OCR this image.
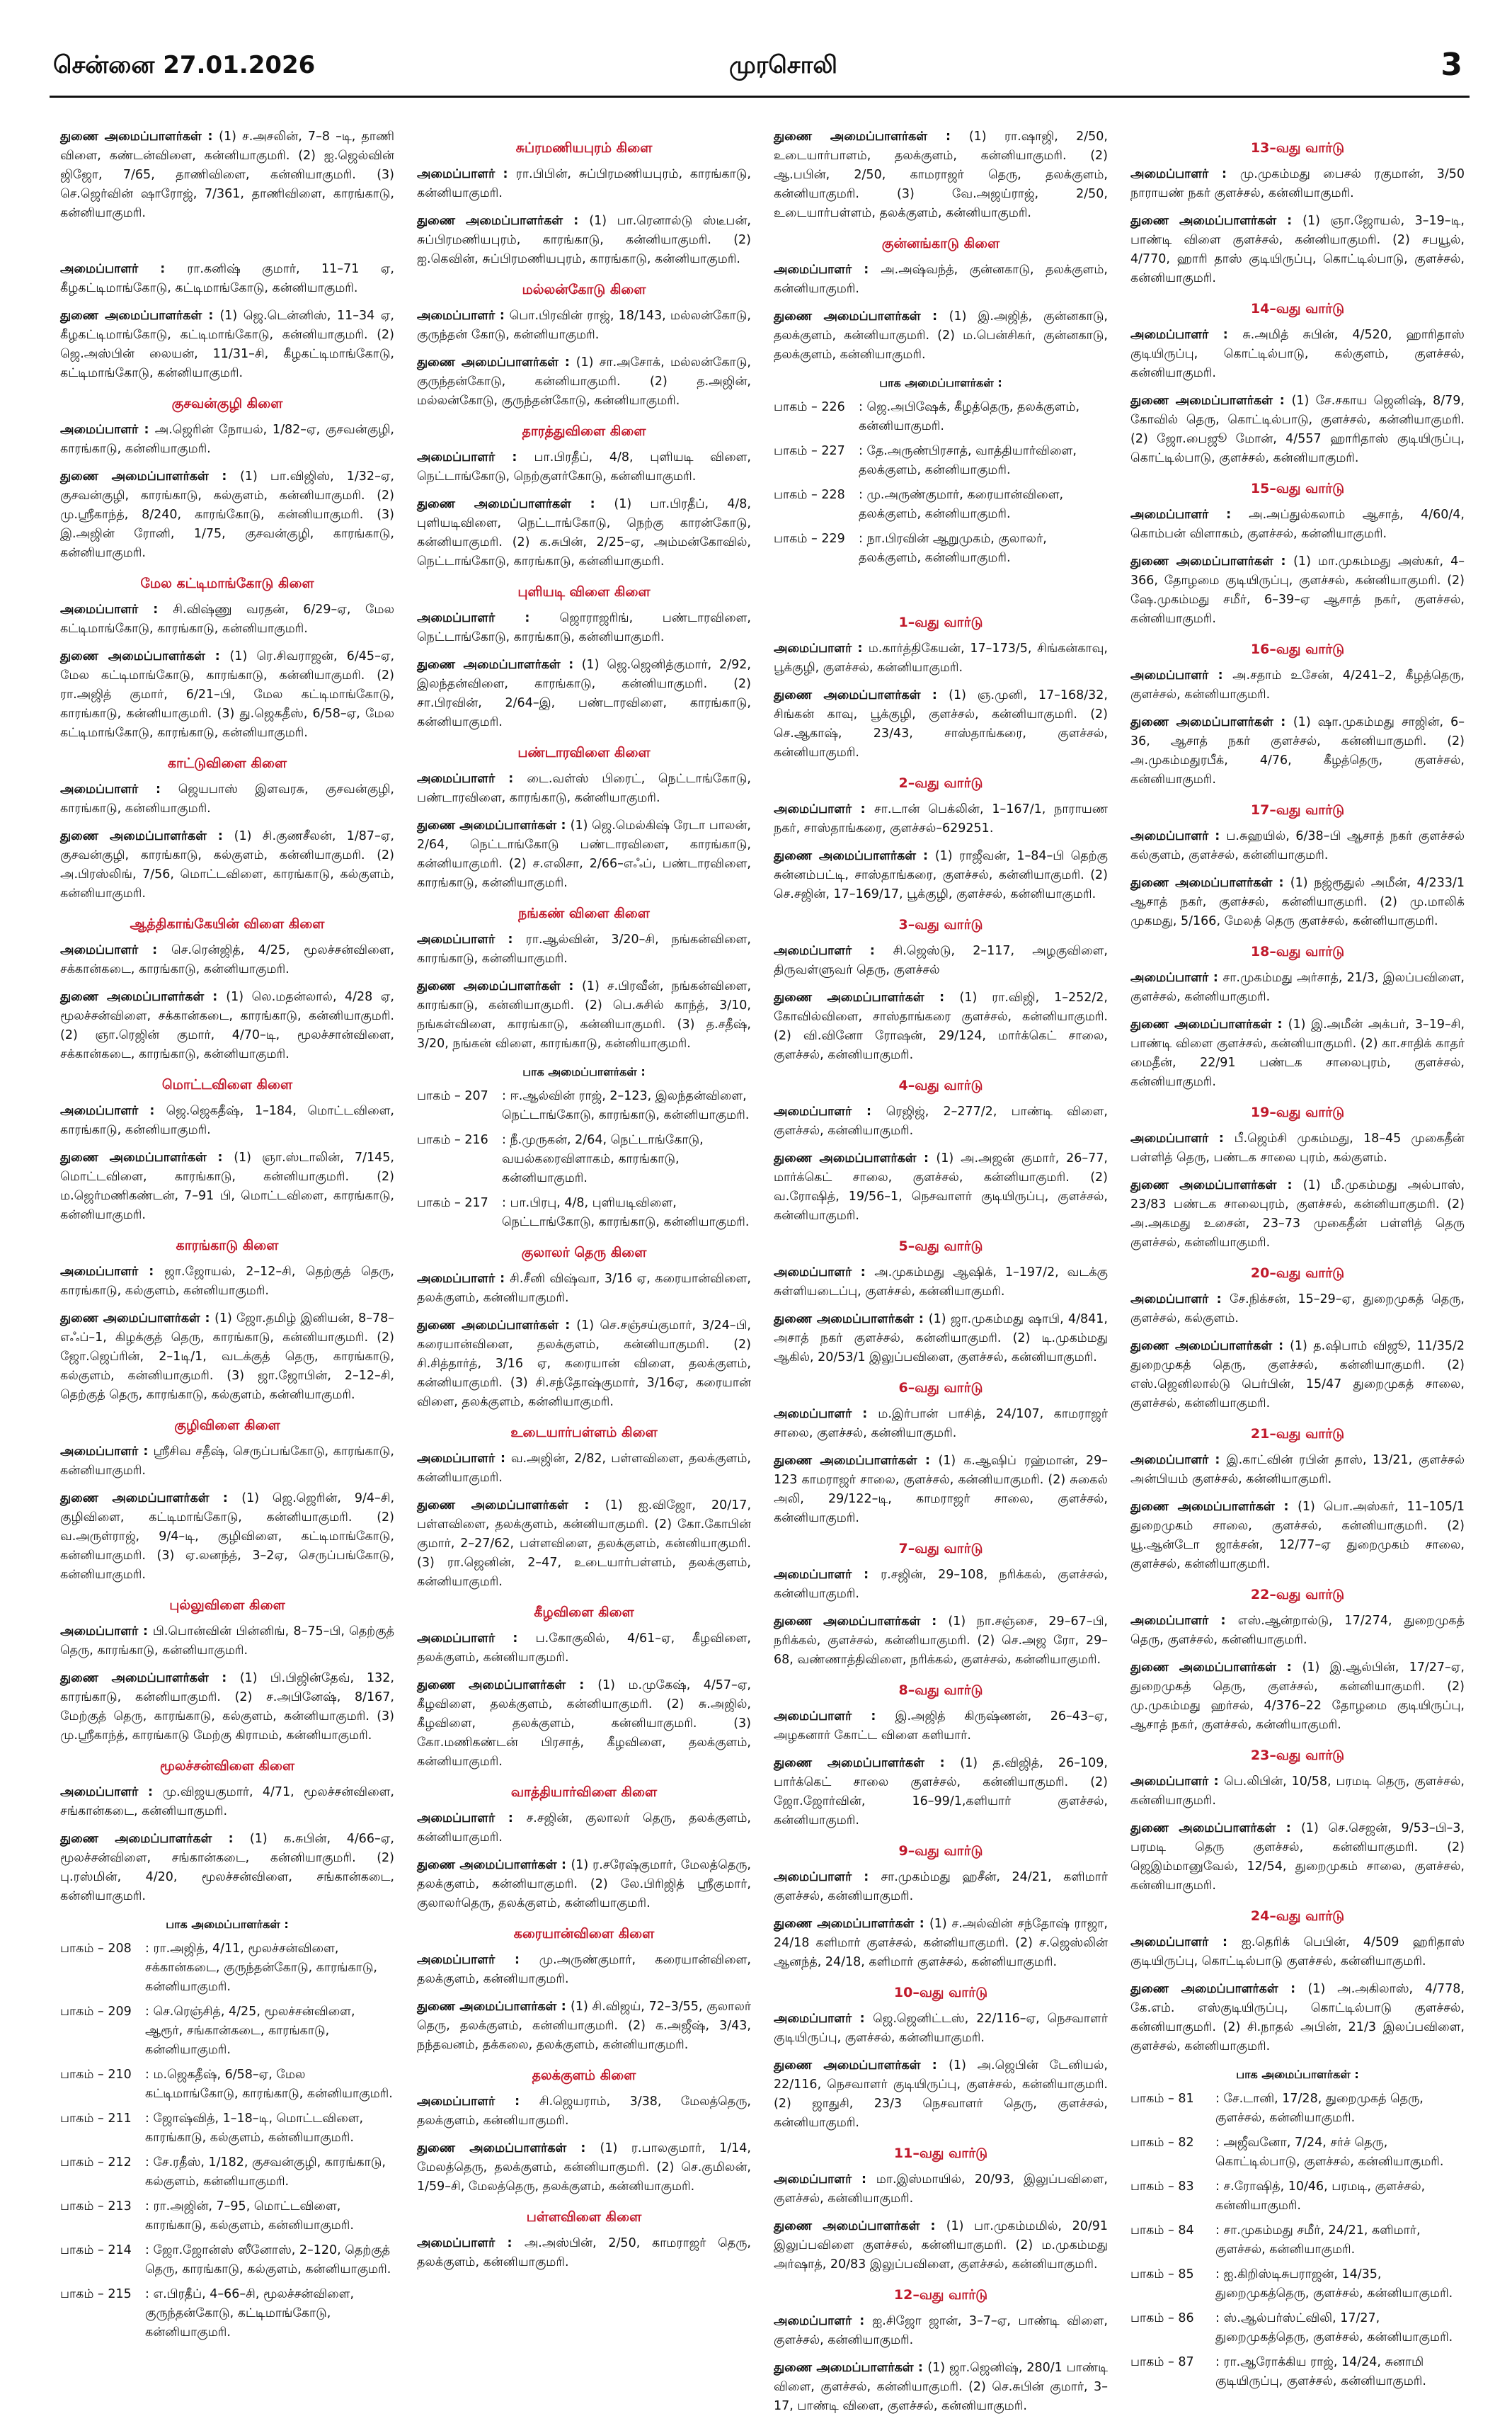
சென்னை 27.01.2026	முரசொலி	3

துணை அமைப்பாளர்கள் : (1) ச.அசலின், 7–8 –டி, தாணி விளை, கண்டன்விளை, கன்னியாகுமரி. (2) ஐ.ஜெல்வின் ஜிஜோ, 7/65, தாணிவிளை, கன்னியாகுமரி. (3) செ.ஜெர்வின் ஷாரோஜ், 7/361, தாணிவிளை, காரங்காடு, கன்னியாகுமரி.

அமைப்பாளர் : ரா.கனிஷ் குமார், 11–71 ஏ, கீழகட்டிமாங்கோடு, கட்டிமாங்கோடு, கன்னியாகுமரி.

துணை அமைப்பாளர்கள் : (1) ஜெ.டென்னிஸ், 11–34 ஏ, கீழகட்டிமாங்கோடு, கட்டிமாங்கோடு, கன்னியாகுமரி. (2) ஜெ.அஸ்பின் லையன், 11/31–சி, கீழகட்டிமாங்கோடு, கட்டிமாங்கோடு, கன்னியாகுமரி.

குசவன்குழி கிளை

அமைப்பாளர் : அ.ஜெரின் நோயல், 1/82–ஏ, குசவன்குழி, காரங்காடு, கன்னியாகுமரி.

துணை அமைப்பாளர்கள் : (1) பா.விஜிஸ், 1/32–ஏ, குசவன்குழி, காரங்காடு, கல்குளம், கன்னியாகுமரி. (2) மு.ஸ்ரீகாந்த், 8/240, காரங்கோடு, கன்னியாகுமரி. (3) இ.அஜின் ரோனி, 1/75, குசவன்குழி, காரங்காடு, கன்னியாகுமரி.

மேல கட்டிமாங்கோடு கிளை

அமைப்பாளர் : சி.விஷ்ணு வரதன், 6/29–ஏ, மேல கட்டிமாங்கோடு, காரங்காடு, கன்னியாகுமரி.

துணை அமைப்பாளர்கள் : (1) ரெ.சிவராஜன், 6/45–ஏ, மேல கட்டிமாங்கோடு, காரங்காடு, கன்னியாகுமரி. (2) ரா.அஜித் குமார், 6/21–பி, மேல கட்டிமாங்கோடு, காரங்காடு, கன்னியாகுமரி. (3) து.ஜெகதீஸ், 6/58–ஏ, மேல கட்டிமாங்கோடு, காரங்காடு, கன்னியாகுமரி.

காட்டுவிளை கிளை

அமைப்பாளர் : ஜெயபாஸ் இளவரசு, குசவன்குழி, காரங்காடு, கன்னியாகுமரி.

துணை அமைப்பாளர்கள் : (1) சி.குணசீலன், 1/87–ஏ, குசவன்குழி, காரங்காடு, கல்குளம், கன்னியாகுமரி. (2) அ.பிரஸ்லிங், 7/56, மொட்டவிளை, காரங்காடு, கல்குளம், கன்னியாகுமரி.

ஆத்திகாங்கேயின் விளை கிளை

அமைப்பாளர் : செ.ரென்ஜித், 4/25, மூலச்சன்விளை, சக்கான்கடை, காரங்காடு, கன்னியாகுமரி.

துணை அமைப்பாளர்கள் : (1) லெ.மதன்லால், 4/28 ஏ, மூலச்சன்விளை, சக்கான்கடை, காரங்காடு, கன்னியாகுமரி. (2) ஞா.ரெஜின் குமார், 4/70–டி, மூலச்சான்விளை, சக்கான்கடை, காரங்காடு, கன்னியாகுமரி.

மொட்டவிளை கிளை

அமைப்பாளர் : ஜெ.ஜெகதீஷ், 1–184, மொட்டவிளை, காரங்காடு, கன்னியாகுமரி.

துணை அமைப்பாளர்கள் : (1) ஞா.ஸ்டாலின், 7/145, மொட்டவிளை, காரங்காடு, கன்னியாகுமரி. (2) ம.ஜெர்மணிகண்டன், 7–91 பி, மொட்டவிளை, காரங்காடு, கன்னியாகுமரி.

காரங்காடு கிளை

அமைப்பாளர் : ஜா.ஜோயல், 2–12–சி, தெற்குத் தெரு, காரங்காடு, கல்குளம், கன்னியாகுமரி.

துணை அமைப்பாளர்கள் : (1) ஜோ.தமிழ் இனியன், 8–78–எஃப்–1, கிழக்குத் தெரு, காரங்காடு, கன்னியாகுமரி. (2) ஜோ.ஜெப்ரின், 2–1டி/1, வடக்குத் தெரு, காரங்காடு, கல்குளம், கன்னியாகுமரி. (3) ஜா.ஜோபின், 2–12–சி, தெற்குத் தெரு, காரங்காடு, கல்குளம், கன்னியாகுமரி.

குழிவிளை கிளை

அமைப்பாளர் : ஸ்ரீசிவ சதீஷ், செருப்பங்கோடு, காரங்காடு, கன்னியாகுமரி.

துணை அமைப்பாளர்கள் : (1) ஜெ.ஜெரின், 9/4–சி, குழிவிளை, கட்டிமாங்கோடு, கன்னியாகுமரி. (2) வ.அருள்ராஜ், 9/4–டி, குழிவிளை, கட்டிமாங்கோடு, கன்னியாகுமரி. (3) ஏ.லனந்த், 3–2ஏ, செருப்பங்கோடு, கன்னியாகுமரி.

புல்லுவிளை கிளை

அமைப்பாளர் : பி.பொன்வின் பின்னிங், 8–75–பி, தெற்குத் தெரு, காரங்காடு, கன்னியாகுமரி.

துணை அமைப்பாளர்கள் : (1) பி.பிஜின்தேவ், 132, காரங்காடு, கன்னியாகுமரி. (2) ச.அபினேஷ், 8/167, மேற்குத் தெரு, காரங்காடு, கல்குளம், கன்னியாகுமரி. (3) மு.ஸ்ரீகாந்த், காரங்காடு மேற்கு கிராமம், கன்னியாகுமரி.

மூலச்சன்விளை கிளை

அமைப்பாளர் : மு.விஜயகுமார், 4/71, மூலச்சன்விளை, சங்கான்கடை, கன்னியாகுமரி.

துணை அமைப்பாளர்கள் : (1) க.சுபின், 4/66–ஏ, மூலச்சன்விளை, சங்கான்கடை, கன்னியாகுமரி. (2) பு.ரஸ்மின், 4/20, மூலச்சன்விளை, சங்கான்கடை, கன்னியாகுமரி.

பாக அமைப்பாளர்கள் :
பாகம் – 208	: ரா.அஜித், 4/11, மூலச்சன்விளை, சக்கான்கடை, குருந்தன்கோடு, காரங்காடு, கன்னியாகுமரி.
பாகம் – 209	: செ.ரெஞ்சித், 4/25, மூலச்சன்விளை, ஆரூர், சங்கான்கடை, காரங்காடு, கன்னியாகுமரி.
பாகம் – 210	: ம.ஜெகதீஷ், 6/58–ஏ, மேல கட்டிமாங்கோடு, காரங்காடு, கன்னியாகுமரி.
பாகம் – 211	: ஜோஷ்வித், 1–18–டி, மொட்டவிளை, காரங்காடு, கல்குளம், கன்னியாகுமரி.
பாகம் – 212	: சே.ரதீஸ், 1/182, குசவன்குழி, காரங்காடு, கல்குளம், கன்னியாகுமரி.
பாகம் – 213	: ரா.அஜின், 7–95, மொட்டவிளை, காரங்காடு, கல்குளம், கன்னியாகுமரி.
பாகம் – 214	: ஜோ.ஜோன்ஸ் ஸீனோஸ், 2–120, தெற்குத் தெரு, காரங்காடு, கல்குளம், கன்னியாகுமரி.
பாகம் – 215	: எ.பிரதீப், 4–66–சி, மூலச்சன்விளை, குருந்தன்கோடு, கட்டிமாங்கோடு, கன்னியாகுமரி.
சுப்ரமணியபுரம் கிளை

அமைப்பாளர் : ரா.பிபின், சுப்பிரமணியபுரம், காரங்காடு, கன்னியாகுமரி.

துணை அமைப்பாளர்கள் : (1) பா.ரெனால்டு ஸ்டீபன், சுப்பிரமணியபுரம், காரங்காடு, கன்னியாகுமரி. (2) ஐ.கெவின், சுப்பிரமணியபுரம், காரங்காடு, கன்னியாகுமரி.

மல்லன்கோடு கிளை

அமைப்பாளர் : பொ.பிரவின் ராஜ், 18/143, மல்லன்கோடு, குருந்தன் கோடு, கன்னியாகுமரி.

துணை அமைப்பாளர்கள் : (1) சா.அசோக், மல்லன்கோடு, குருந்தன்கோடு, கன்னியாகுமரி. (2) த.அஜின், மல்லன்கோடு, குருந்தன்கோடு, கன்னியாகுமரி.

தாரத்துவிளை கிளை

அமைப்பாளர் : பா.பிரதீப், 4/8, புளியடி விளை, நெட்டாங்கோடு, நெற்குளர்கோடு, கன்னியாகுமரி.

துணை அமைப்பாளர்கள் : (1) பா.பிரதீப், 4/8, புளியடிவிளை, நெட்டாங்கோடு, நெற்கு காரன்கோடு, கன்னியாகுமரி. (2) க.சுபின், 2/25–ஏ, அம்மன்கோவில், நெட்டாங்கோடு, காரங்காடு, கன்னியாகுமரி.

புளியடி விளை கிளை

அமைப்பாளர் : ஜொராஜரிங், பண்டாரவிளை, நெட்டாங்கோடு, காரங்காடு, கன்னியாகுமரி.

துணை அமைப்பாளர்கள் : (1) ஜெ.ஜெனித்குமார், 2/92, இலந்தன்விளை, காரங்காடு, கன்னியாகுமரி. (2) சா.பிரவின், 2/64–இ, பண்டாரவிளை, காரங்காடு, கன்னியாகுமரி.

பண்டாரவிளை கிளை

அமைப்பாளர் : டை.வள்ஸ் பிரைட், நெட்டாங்கோடு, பண்டாரவிளை, காரங்காடு, கன்னியாகுமரி.

துணை அமைப்பாளர்கள் : (1) ஜெ.மெல்கிஷ் ரேடா பாலன், 2/64, நெட்டாங்கோடு பண்டாரவிளை, காரங்காடு, கன்னியாகுமரி. (2) ச.எலிசா, 2/66–எஃப், பண்டாரவிளை, காரங்காடு, கன்னியாகுமரி.

நங்கண் விளை கிளை

அமைப்பாளர் : ரா.ஆல்வின், 3/20–சி, நங்கன்விளை, காரங்காடு, கன்னியாகுமரி.

துணை அமைப்பாளர்கள் : (1) ச.பிரவீன், நங்கன்விளை, காரங்காடு, கன்னியாகுமரி. (2) பெ.சுசில் காந்த், 3/10, நங்கள்விளை, காரங்காடு, கன்னியாகுமரி. (3) த.சதீஷ், 3/20, நங்கன் விளை, காரங்காடு, கன்னியாகுமரி.

பாக அமைப்பாளர்கள் :
பாகம் – 207	: ஈ.ஆல்வின் ராஜ், 2–123, இலந்தன்விளை, நெட்டாங்கோடு, காரங்காடு, கன்னியாகுமரி.
பாகம் – 216	: நீ.முருகன், 2/64, நெட்டாங்கோடு, வயல்கரைவிளாகம், காரங்காடு, கன்னியாகுமரி.
பாகம் – 217	: பா.பிரபு, 4/8, புளியடிவிளை, நெட்டாங்கோடு, காரங்காடு, கன்னியாகுமரி.
குலாலர் தெரு கிளை

அமைப்பாளர் : சி.சீனி விஷ்வா, 3/16 ஏ, கரையான்விளை, தலக்குளம், கன்னியாகுமரி.

துணை அமைப்பாளர்கள் : (1) செ.சஞ்சய்குமார், 3/24–பி, கரையான்விளை, தலக்குளம், கன்னியாகுமரி. (2) சி.சித்தார்த், 3/16 ஏ, கரையான் விளை, தலக்குளம், கன்னியாகுமரி. (3) சி.சந்தோஷ்குமார், 3/16ஏ, கரையான் விளை, தலக்குளம், கன்னியாகுமரி.

உடையார்பள்ளம் கிளை

அமைப்பாளர் : வ.அஜின், 2/82, பள்ளவிளை, தலக்குளம், கன்னியாகுமரி.

துணை அமைப்பாளர்கள் : (1) ஐ.விஜோ, 20/17, பள்ளவிளை, தலக்குளம், கன்னியாகுமரி. (2) கோ.கோபின் குமார், 2–27/62, பள்ளவிளை, தலக்குளம், கன்னியாகுமரி. (3) ரா.ஜெனின், 2–47, உடையார்பள்ளம், தலக்குளம், கன்னியாகுமரி.

கீழவிளை கிளை

அமைப்பாளர் : ப.கோகுலில், 4/61–ஏ, கீழவிளை, தலக்குளம், கன்னியாகுமரி.

துணை அமைப்பாளர்கள் : (1) ம.முகேஷ், 4/57–ஏ, கீழவிளை, தலக்குளம், கன்னியாகுமரி. (2) சு.அஜில், கீழவிளை, தலக்குளம், கன்னியாகுமரி. (3) கோ.மணிகண்டன் பிரசாத், கீழவிளை, தலக்குளம், கன்னியாகுமரி.

வாத்தியார்விளை கிளை

அமைப்பாளர் : ச.சஜின், குலாலர் தெரு, தலக்குளம், கன்னியாகுமரி.

துணை அமைப்பாளர்கள் : (1) ர.சரேஷ்குமார், மேலத்தெரு, தலக்குளம், கன்னியாகுமரி. (2) லே.பிரிஜித் ஸ்ரீகுமார், குலாலர்தெரு, தலக்குளம், கன்னியாகுமரி.

கரையான்விளை கிளை

அமைப்பாளர் : மு.அருண்குமார், கரையான்விளை, தலக்குளம், கன்னியாகுமரி.

துணை அமைப்பாளர்கள் : (1) சி.விஜய், 72–3/55, குலாலர் தெரு, தலக்குளம், கன்னியாகுமரி. (2) க.அஜீஷ், 3/43, நந்தவனம், தக்கலை, தலக்குளம், கன்னியாகுமரி.

தலக்குளம் கிளை

அமைப்பாளர் : சி.ஜெயராம், 3/38, மேலத்தெரு, தலக்குளம், கன்னியாகுமரி.

துணை அமைப்பாளர்கள் : (1) ர.பாலகுமார், 1/14, மேலத்தெரு, தலக்குளம், கன்னியாகுமரி. (2) செ.குமிலன், 1/59–சி, மேலத்தெரு, தலக்குளம், கன்னியாகுமரி.

பள்ளவிளை கிளை

அமைப்பாளர் : அ.அஸ்பின், 2/50, காமராஜர் தெரு, தலக்குளம், கன்னியாகுமரி.

துணை அமைப்பாளர்கள் : (1) ரா.ஷாஜி, 2/50, உடையார்பாளம், தலக்குளம், கன்னியாகுமரி. (2) ஆ.பபின், 2/50, காமராஜர் தெரு, தலக்குளம், கன்னியாகுமரி. (3) வே.அஜய்ராஜ், 2/50, உடையார்பள்ளம், தலக்குளம், கன்னியாகுமரி.

குன்னங்காடு கிளை

அமைப்பாளர் : அ.அஷ்வந்த், குன்னகாடு, தலக்குளம், கன்னியாகுமரி.

துணை அமைப்பாளர்கள் : (1) இ.அஜித், குன்னகாடு, தலக்குளம், கன்னியாகுமரி. (2) ம.பென்சிகர், குன்னகாடு, தலக்குளம், கன்னியாகுமரி.

பாக அமைப்பாளர்கள் :
பாகம் – 226	: ஜெ.அபிஷேக், கீழத்தெரு, தலக்குளம், கன்னியாகுமரி.
பாகம் – 227	: தே.அருண்பிரசாத், வாத்தியார்விளை, தலக்குளம், கன்னியாகுமரி.
பாகம் – 228	: மு.அருண்குமார், கரையான்விளை, தலக்குளம், கன்னியாகுமரி.
பாகம் – 229	: நா.பிரவின் ஆறுமுகம், குலாலர், தலக்குளம், கன்னியாகுமரி.
1–வது வார்டு

அமைப்பாளர் : ம.கார்த்திகேயன், 17–173/5, சிங்கன்காவு, பூக்குழி, குளச்சல், கன்னியாகுமரி.

துணை அமைப்பாளர்கள் : (1) ஞ.முனி, 17–168/32, சிங்கன் காவு, பூக்குழி, குளச்சல், கன்னியாகுமரி. (2) செ.ஆகாஷ், 23/43, சாஸ்தாங்கரை, குளச்சல், கன்னியாகுமரி.

2–வது வார்டு

அமைப்பாளர் : சா.டான் பெக்லின், 1–167/1, நாராயண நகர், சாஸ்தாங்கரை, குளச்சல்–629251.

துணை அமைப்பாளர்கள் : (1) ராஜீவன், 1–84–பி தெற்கு சுன்னம்பட்டி, சாஸ்தாங்கரை, குளச்சல், கன்னியாகுமரி. (2) செ.சஜின், 17–169/17, பூக்குழி, குளச்சல், கன்னியாகுமரி.

3–வது வார்டு

அமைப்பாளர் : சி.ஜெஸ்டு, 2–117, அழகுவிளை, திருவள்ளுவர் தெரு, குளச்சல்

துணை அமைப்பாளர்கள் : (1) ரா.விஜி, 1–252/2, கோவில்விளை, சாஸ்தாங்கரை குளச்சல், கன்னியாகுமரி. (2) வி.வினோ ரோஷன், 29/124, மார்க்கெட் சாலை, குளச்சல், கன்னியாகுமரி.

4–வது வார்டு

அமைப்பாளர் : ரெஜிஜ், 2–277/2, பாண்டி விளை, குளச்சல், கன்னியாகுமரி.

துணை அமைப்பாளர்கள் : (1) அ.அஜன் குமார், 26–77, மார்க்கெட் சாலை, குளச்சல், கன்னியாகுமரி. (2) வ.ரோஷித், 19/56–1, நெசவாளர் குடியிருப்பு, குளச்சல், கன்னியாகுமரி.

5–வது வார்டு

அமைப்பாளர் : அ.முகம்மது ஆஷிக், 1–197/2, வடக்கு சுள்ளியடைப்பு, குளச்சல், கன்னியாகுமரி.

துணை அமைப்பாளர்கள் : (1) ஜா.முகம்மது ஷாபி, 4/841, அசாத் நகர் குளச்சல், கன்னியாகுமரி. (2) டி.முகம்மது ஆகில், 20/53/1 இலுப்பவிளை, குளச்சல், கன்னியாகுமரி.

6–வது வார்டு

அமைப்பாளர் : ம.இர்பான் பாசித், 24/107, காமராஜர் சாலை, குளச்சல், கன்னியாகுமரி.

துணை அமைப்பாளர்கள் : (1) க.ஆஷிப் ரஹ்மான், 29–123 காமராஜர் சாலை, குளச்சல், கன்னியாகுமரி. (2) சுகைல் அலி, 29/122–டி, காமராஜர் சாலை, குளச்சல், கன்னியாகுமரி.

7–வது வார்டு

அமைப்பாளர் : ர.சஜின், 29–108, நரிக்கல், குளச்சல், கன்னியாகுமரி.

துணை அமைப்பாளர்கள் : (1) நா.சஞ்சை, 29–67–பி, நரிக்கல், குளச்சல், கன்னியாகுமரி. (2) செ.அஜ ரோ, 29–68, வண்ணாத்திவிளை, நரிக்கல், குளச்சல், கன்னியாகுமரி.

8–வது வார்டு

அமைப்பாளர் : இ.அஜித் கிருஷ்ணன், 26–43–ஏ, அழகனார் கோட்ட விளை களியார்.

துணை அமைப்பாளர்கள் : (1) த.விஜித், 26–109, பார்க்கெட் சாலை குளச்சல், கன்னியாகுமரி. (2) ஜோ.ஜோர்வின், 16–99/1,களியார் குளச்சல், கன்னியாகுமரி.

9–வது வார்டு

அமைப்பாளர் : சா.முகம்மது ஹசீன், 24/21, களிமார் குளச்சல், கன்னியாகுமரி.

துணை அமைப்பாளர்கள் : (1) ச.அல்வின் சந்தோஷ் ராஜா, 24/18 களிமார் குளச்சல், கன்னியாகுமரி. (2) ச.ஜெஸ்லின் ஆனந்த், 24/18, களிமார் குளச்சல், கன்னியாகுமரி.

10–வது வார்டு

அமைப்பாளர் : ஜெ.ஜெனிட்டஸ், 22/116–ஏ, நெசவாளர் குடியிருப்பு, குளச்சல், கன்னியாகுமரி.

துணை அமைப்பாளர்கள் : (1) அ.ஜெபின் டேனியல், 22/116, நெசவாளர் குடியிருப்பு, குளச்சல், கன்னியாகுமரி. (2) ஜாதுசி, 23/3 நெசவாளர் தெரு, குளச்சல், கன்னியாகுமரி.

11–வது வார்டு

அமைப்பாளர் : மா.இஸ்மாயில், 20/93, இலுப்பவிளை, குளச்சல், கன்னியாகுமரி.

துணை அமைப்பாளர்கள் : (1) பா.முகம்மமில், 20/91 இலுப்பவிளை குளச்சல், கன்னியாகுமரி. (2) ம.முகம்மது அர்ஷாத், 20/83 இலுப்பவிளை, குளச்சல், கன்னியாகுமரி.

12–வது வார்டு

அமைப்பாளர் : ஐ.சிஜோ ஜான், 3–7–ஏ, பாண்டி விளை, குளச்சல், கன்னியாகுமரி.

துணை அமைப்பாளர்கள் : (1) ஜா.ஜெனிஷ், 280/1 பாண்டி விளை, குளச்சல், கன்னியாகுமரி. (2) செ.சுபின் குமார், 3–17, பாண்டி விளை, குளச்சல், கன்னியாகுமரி.

13–வது வார்டு

அமைப்பாளர் : மு.முகம்மது பைசல் ரகுமான், 3/50 நாராயண் நகர் குளச்சல், கன்னியாகுமரி.

துணை அமைப்பாளர்கள் : (1) ஞா.ஜோயல், 3–19–டி, பாண்டி விளை குளச்சல், கன்னியாகுமரி. (2) சபயூல், 4/770, ஹாரி தாஸ் குடியிருப்பு, கொட்டில்பாடு, குளச்சல், கன்னியாகுமரி.

14–வது வார்டு

அமைப்பாளர் : சு.அமித் சுபின், 4/520, ஹாரிதாஸ் குடியிருப்பு, கொட்டில்பாடு, கல்குளம், குளச்சல், கன்னியாகுமரி.

துணை அமைப்பாளர்கள் : (1) சே.சகாய ஜெனிஷ், 8/79, கோவில் தெரு, கொட்டில்பாடு, குளச்சல், கன்னியாகுமரி. (2) ஜோ.பைஜூ மோன், 4/557 ஹாரிதாஸ் குடியிருப்பு, கொட்டில்பாடு, குளச்சல், கன்னியாகுமரி.

15–வது வார்டு

அமைப்பாளர் : அ.அப்துல்கலாம் ஆசாத், 4/60/4, கொம்பன் விளாகம், குளச்சல், கன்னியாகுமரி.

துணை அமைப்பாளர்கள் : (1) மா.முகம்மது அஸ்கர், 4–366, தோழமை குடியிருப்பு, குளச்சல், கன்னியாகுமரி. (2) ஷே.முகம்மது சமீர், 6–39–ஏ ஆசாத் நகர், குளச்சல், கன்னியாகுமரி.

16–வது வார்டு

அமைப்பாளர் : அ.சதாம் உசேன், 4/241–2, கீழத்தெரு, குளச்சல், கன்னியாகுமரி.

துணை அமைப்பாளர்கள் : (1) ஷா.முகம்மது சாஜின், 6–36, ஆசாத் நகர் குளச்சல், கன்னியாகுமரி. (2) அ.முகம்மதுரபீக், 4/76, கீழத்தெரு, குளச்சல், கன்னியாகுமரி.

17–வது வார்டு

அமைப்பாளர் : ப.சுஹயில், 6/38–பி ஆசாத் நகர் குளச்சல் கல்குளம், குளச்சல், கன்னியாகுமரி.

துணை அமைப்பாளர்கள் : (1) நஜ்ரூதுல் அமீன், 4/233/1 ஆசாத் நகர், குளச்சல், கன்னியாகுமரி. (2) மு.மாலிக் முகமது, 5/166, மேலத் தெரு குளச்சல், கன்னியாகுமரி.

18–வது வார்டு

அமைப்பாளர் : சா.முகம்மது அர்சாத், 21/3, இலப்பவிளை, குளச்சல், கன்னியாகுமரி.

துணை அமைப்பாளர்கள் : (1) இ.அமீன் அக்பர், 3–19–சி, பாண்டி விளை குளச்சல், கன்னியாகுமரி. (2) கா.சாதிக் காதர் மைதீன், 22/91 பண்டக சாலைபுரம், குளச்சல், கன்னியாகுமரி.

19–வது வார்டு

அமைப்பாளர் : பீ.ஜெம்சி முகம்மது, 18–45 முகைதீன் பள்ளித் தெரு, பண்டக சாலை புரம், கல்குளம்.

துணை அமைப்பாளர்கள் : (1) மீ.முகம்மது அல்பாஸ், 23/83 பண்டக சாலைபுரம், குளச்சல், கன்னியாகுமரி. (2) அ.அகமது உசைன், 23–73 முகைதீன் பள்ளித் தெரு குளச்சல், கன்னியாகுமரி.

20–வது வார்டு

அமைப்பாளர் : சே.நிக்சன், 15–29–ஏ, துறைமுகத் தெரு, குளச்சல், கல்குளம்.

துணை அமைப்பாளர்கள் : (1) த.ஷிபாம் விஜூ, 11/35/2 துறைமுகத் தெரு, குளச்சல், கன்னியாகுமரி. (2) எஸ்.ஜெனிலால்டு பெர்பின், 15/47 துறைமுகத் சாலை, குளச்சல், கன்னியாகுமரி.

21–வது வார்டு

அமைப்பாளர் : இ.காட்வின் ரபின் தாஸ், 13/21, குளச்சல் அன்பியம் குளச்சல், கன்னியாகுமரி.

துணை அமைப்பாளர்கள் : (1) பொ.அஸ்கர், 11–105/1 துறைமுகம் சாலை, குளச்சல், கன்னியாகுமரி. (2) யூ.ஆன்டோ ஜாக்சன், 12/77–ஏ துறைமுகம் சாலை, குளச்சல், கன்னியாகுமரி.

22–வது வார்டு

அமைப்பாளர் : எஸ்.ஆன்றால்டு, 17/274, துறைமுகத் தெரு, குளச்சல், கன்னியாகுமரி.

துணை அமைப்பாளர்கள் : (1) இ.ஆல்பின், 17/27–ஏ, துறைமுகத் தெரு, குளச்சல், கன்னியாகுமரி. (2) மு.முகம்மது ஹர்சல், 4/376–22 தோழமை குடியிருப்பு, ஆசாத் நகர், குளச்சல், கன்னியாகுமரி.

23–வது வார்டு

அமைப்பாளர் : பெ.லிபின், 10/58, பரமடி தெரு, குளச்சல், கன்னியாகுமரி.

துணை அமைப்பாளர்கள் : (1) செ.செஜன், 9/53–பி–3, பரமடி தெரு குளச்சல், கன்னியாகுமரி. (2) ஜெஇம்மானுவேல், 12/54, துறைமுகம் சாலை, குளச்சல், கன்னியாகுமரி.

24–வது வார்டு

அமைப்பாளர் : ஐ.தெரிக் பெபின், 4/509 ஹரிதாஸ் குடியிருப்பு, கொட்டில்பாடு குளச்சல், கன்னியாகுமரி.

துணை அமைப்பாளர்கள் : (1) அ.அகிலாஸ், 4/778, கே.எம். எஸ்குடியிருப்பு, கொட்டில்பாடு குளச்சல், கன்னியாகுமரி. (2) சி.நாதல் அபின், 21/3 இலப்பவிளை, குளச்சல், கன்னியாகுமரி.

பாக அமைப்பாளர்கள் :
பாகம் – 81	: சே.டானி, 17/28, துறைமுகத் தெரு, குளச்சல், கன்னியாகுமரி.
பாகம் – 82	: அஜீவனோ, 7/24, சர்ச் தெரு, கொட்டில்பாடு, குளச்சல், கன்னியாகுமரி.
பாகம் – 83	: ச.ரோஷித், 10/46, பரமடி, குளச்சல், கன்னியாகுமரி.
பாகம் – 84	: சா.முகம்மது சமீர், 24/21, களிமார், குளச்சல், கன்னியாகுமரி.
பாகம் – 85	: ஐ.கிறிஸ்டிசுபராஜன், 14/35, துறைமுகத்தெரு, குளச்சல், கன்னியாகுமரி.
பாகம் – 86	: ஸ்.ஆல்பர்ஸ்ட்விலி, 17/27, துறைமுகத்தெரு, குளச்சல், கன்னியாகுமரி.
பாகம் – 87	: ரா.ஆரோக்கிய ராஜ், 14/24, சுனாமி குடியிருப்பு, குளச்சல், கன்னியாகுமரி.
